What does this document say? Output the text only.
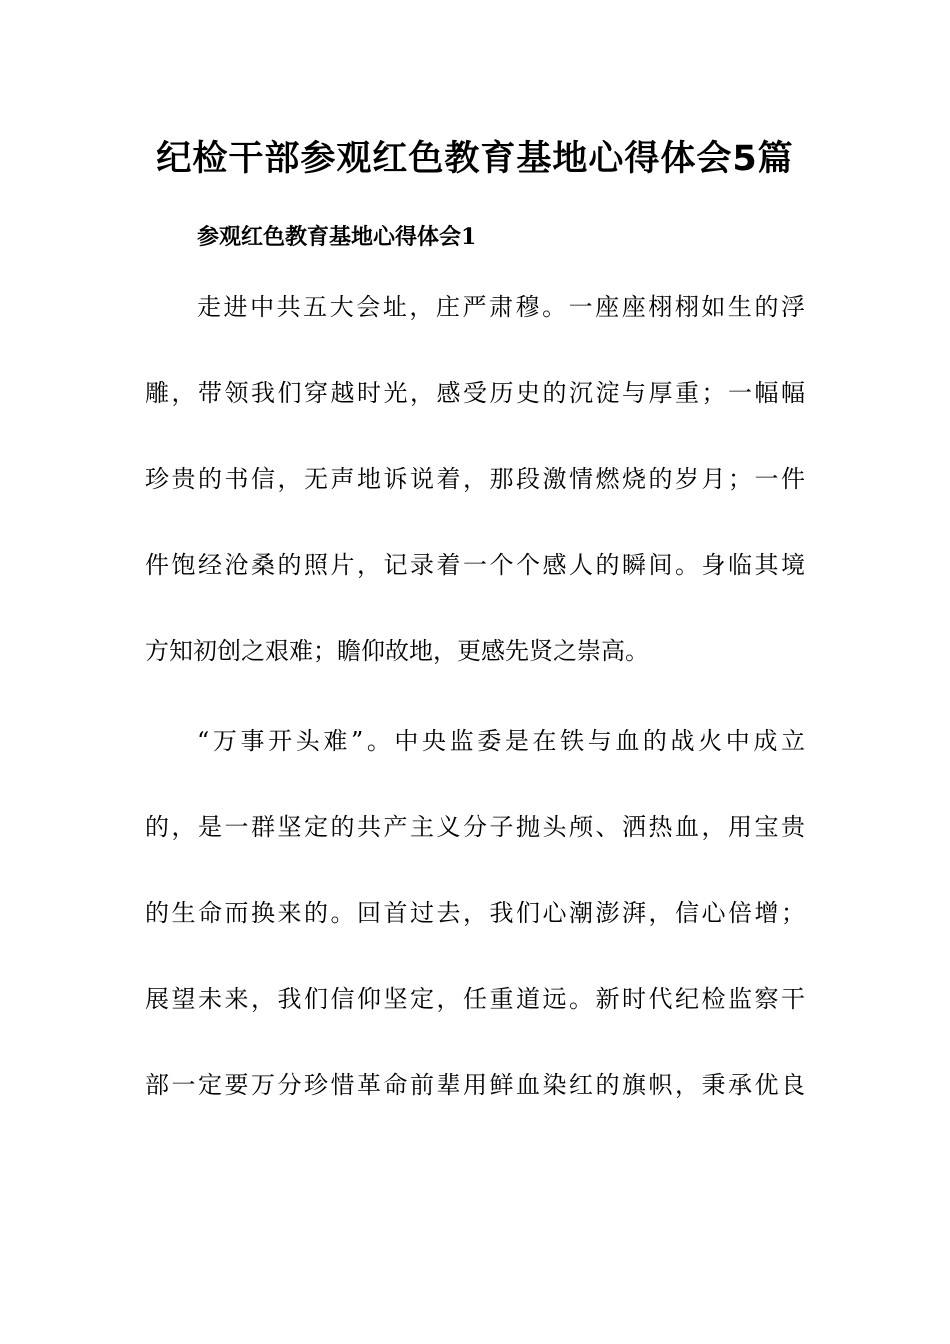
纪检干部参观红色教育基地心得体会5篇
参观红色教育基地心得体会1
走进中共五大会址，庄严肃穆。一座座栩栩如生的浮
雕，带领我们穿越时光，感受历史的沉淀与厚重；一幅幅
珍贵的书信，无声地诉说着，那段激情燃烧的岁月；一件
件饱经沧桑的照片，记录着一个个感人的瞬间。身临其境
方知初创之艰难；瞻仰故地，更感先贤之崇高。
“万事开头难”。中央监委是在铁与血的战火中成立
的，是一群坚定的共产主义分子抛头颅、洒热血，用宝贵
的生命而换来的。回首过去，我们心潮澎湃，信心倍增；
展望未来，我们信仰坚定，任重道远。新时代纪检监察干
部一定要万分珍惜革命前辈用鲜血染红的旗帜，秉承优良
